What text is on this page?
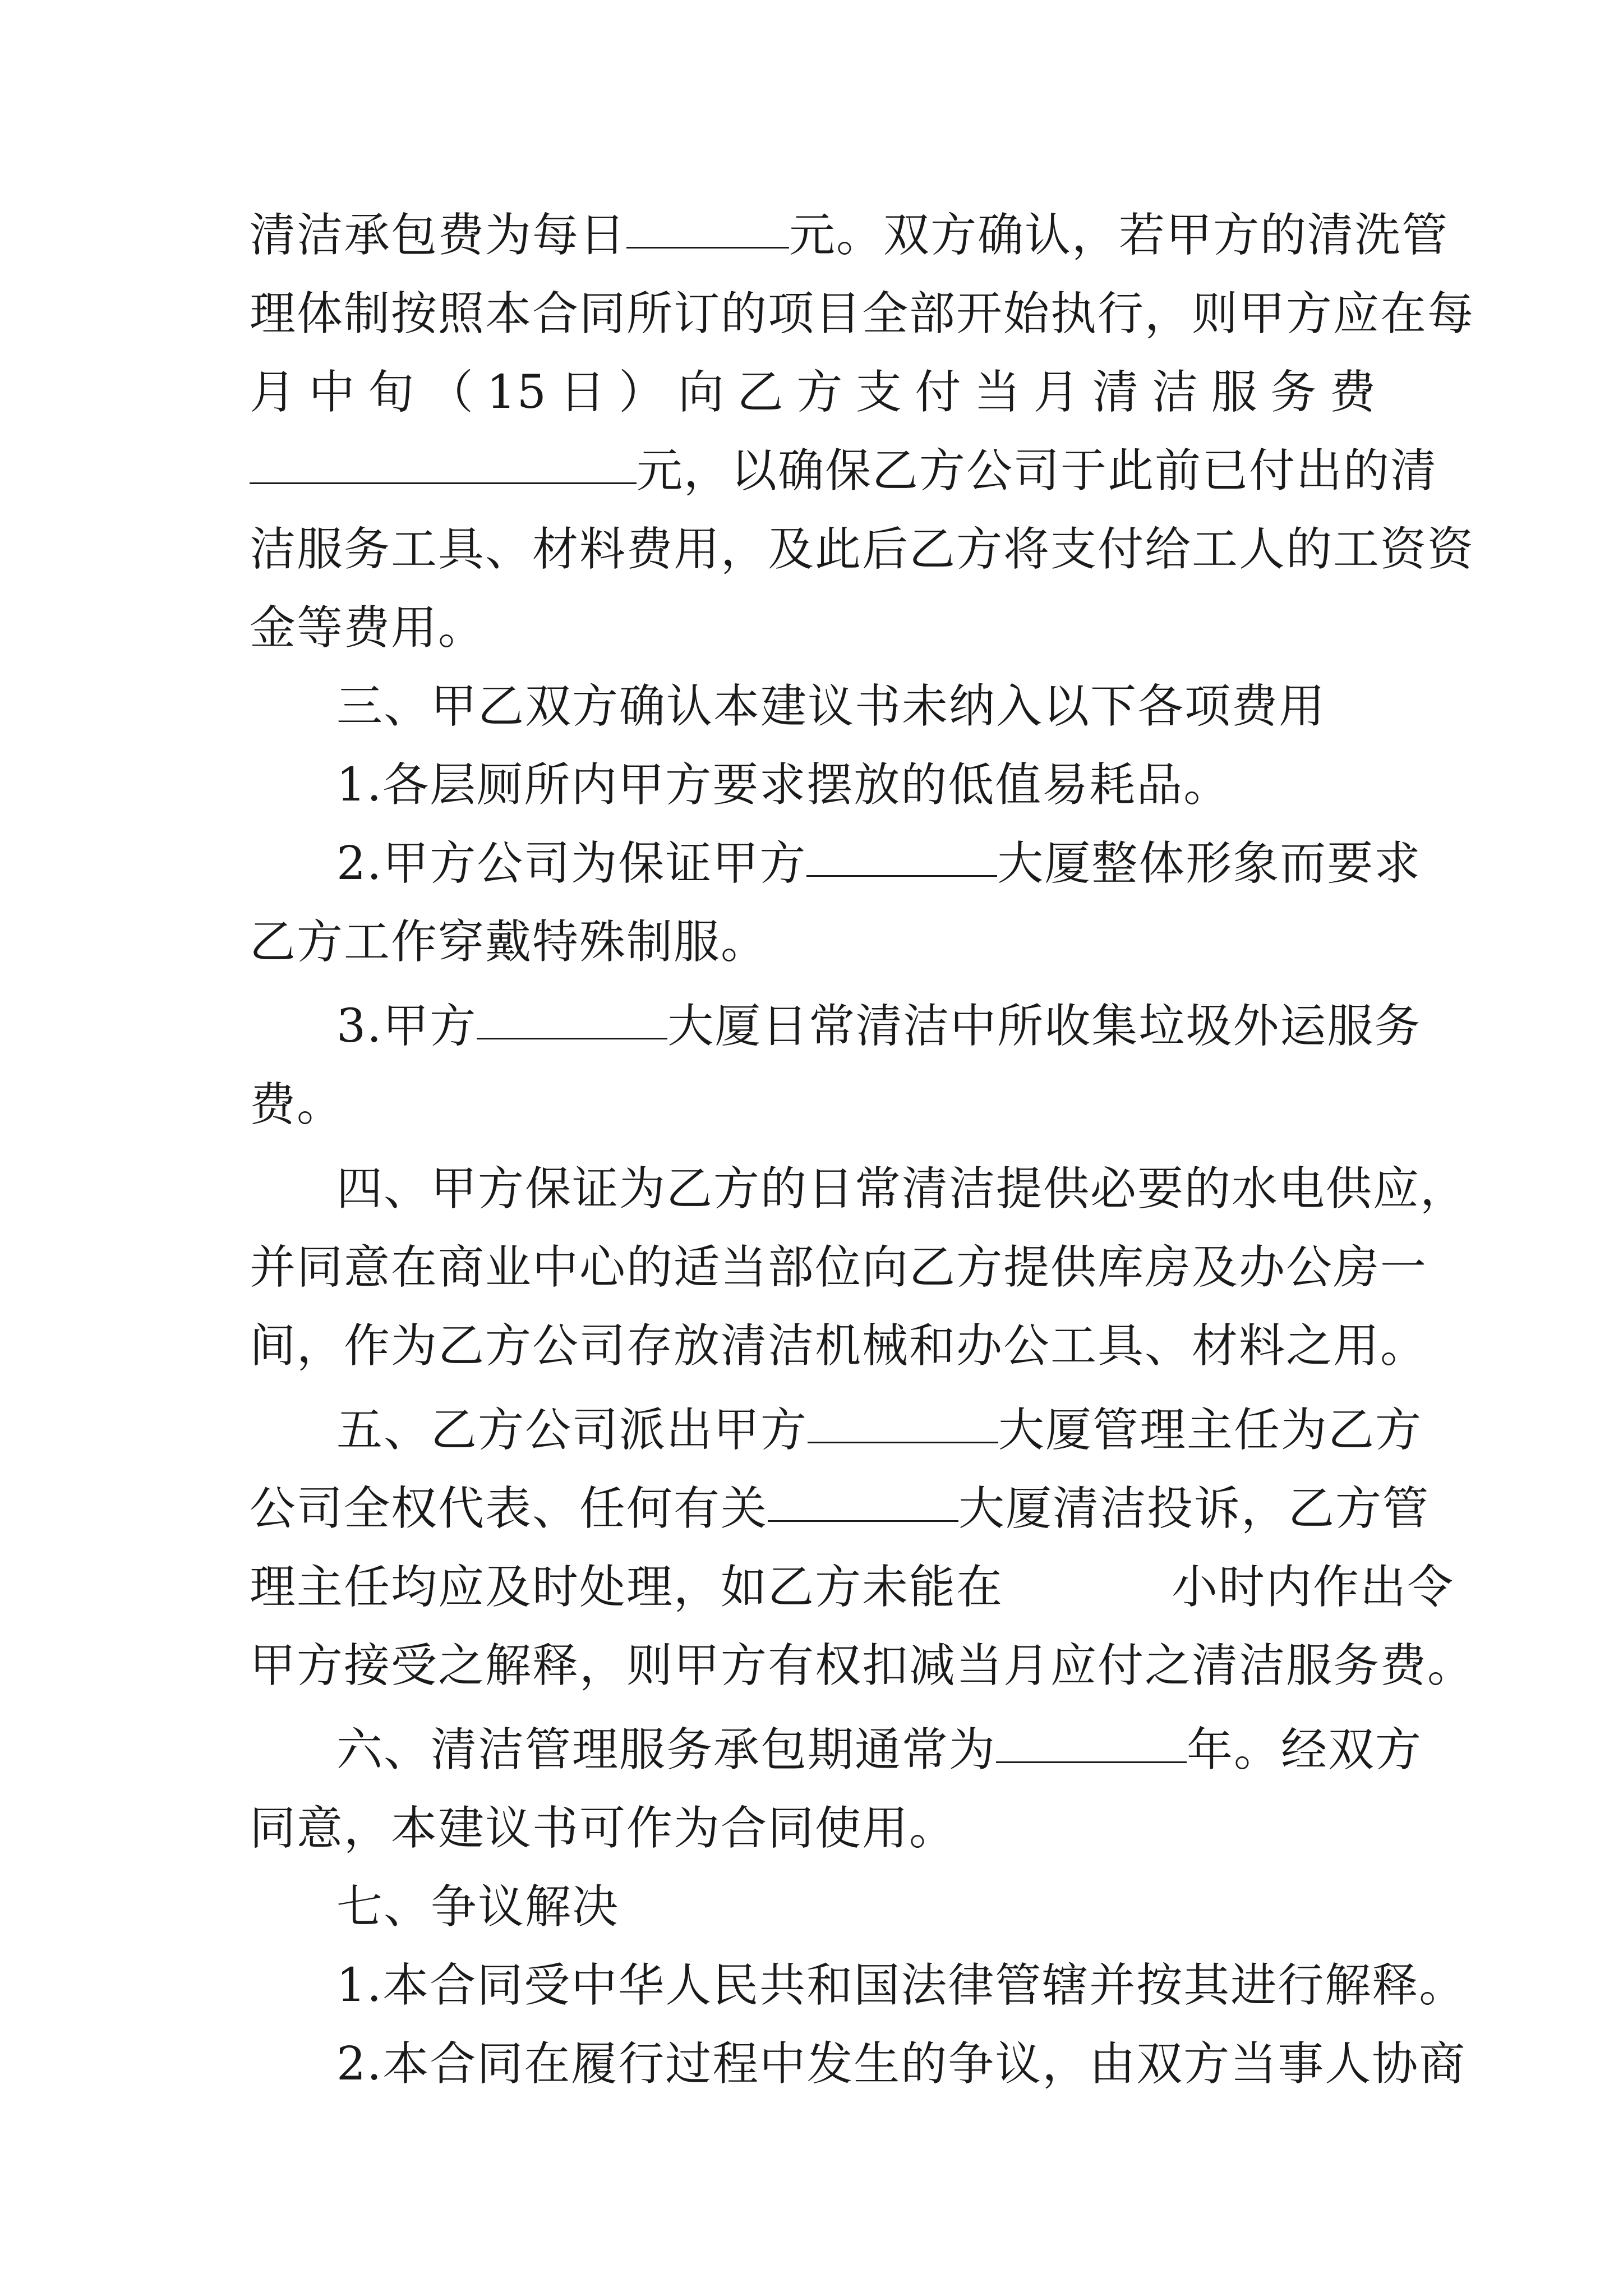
清洁承包费为每日	元。双方确认，若甲方的清洗管
理体制按照本合同所订的项目全部开始执行，则甲方应在每
月 中 旬 （ 15 日 ） 向 乙 方 支 付 当 月 清 洁 服 务 费
元，以确保乙方公司于此前已付出的清
洁服务工具、材料费用，及此后乙方将支付给工人的工资资
金等费用。
三、甲乙双方确认本建议书未纳入以下各项费用
1.各层厕所内甲方要求摆放的低值易耗品。
2.甲方公司为保证甲方	大厦整体形象而要求
乙方工作穿戴特殊制服。
3.甲方	大厦日常清洁中所收集垃圾外运服务
费。
四、甲方保证为乙方的日常清洁提供必要的水电供应，
并同意在商业中心的适当部位向乙方提供库房及办公房一
间，作为乙方公司存放清洁机械和办公工具、材料之用。
五、乙方公司派出甲方	大厦管理主任为乙方
公司全权代表、任何有关	大厦清洁投诉，乙方管
理主任均应及时处理，如乙方未能在	小时内作出令
甲方接受之解释，则甲方有权扣减当月应付之清洁服务费。
六、清洁管理服务承包期通常为	年。经双方
同意，本建议书可作为合同使用。
七、争议解决
1.本合同受中华人民共和国法律管辖并按其进行解释。
2.本合同在履行过程中发生的争议，由双方当事人协商
